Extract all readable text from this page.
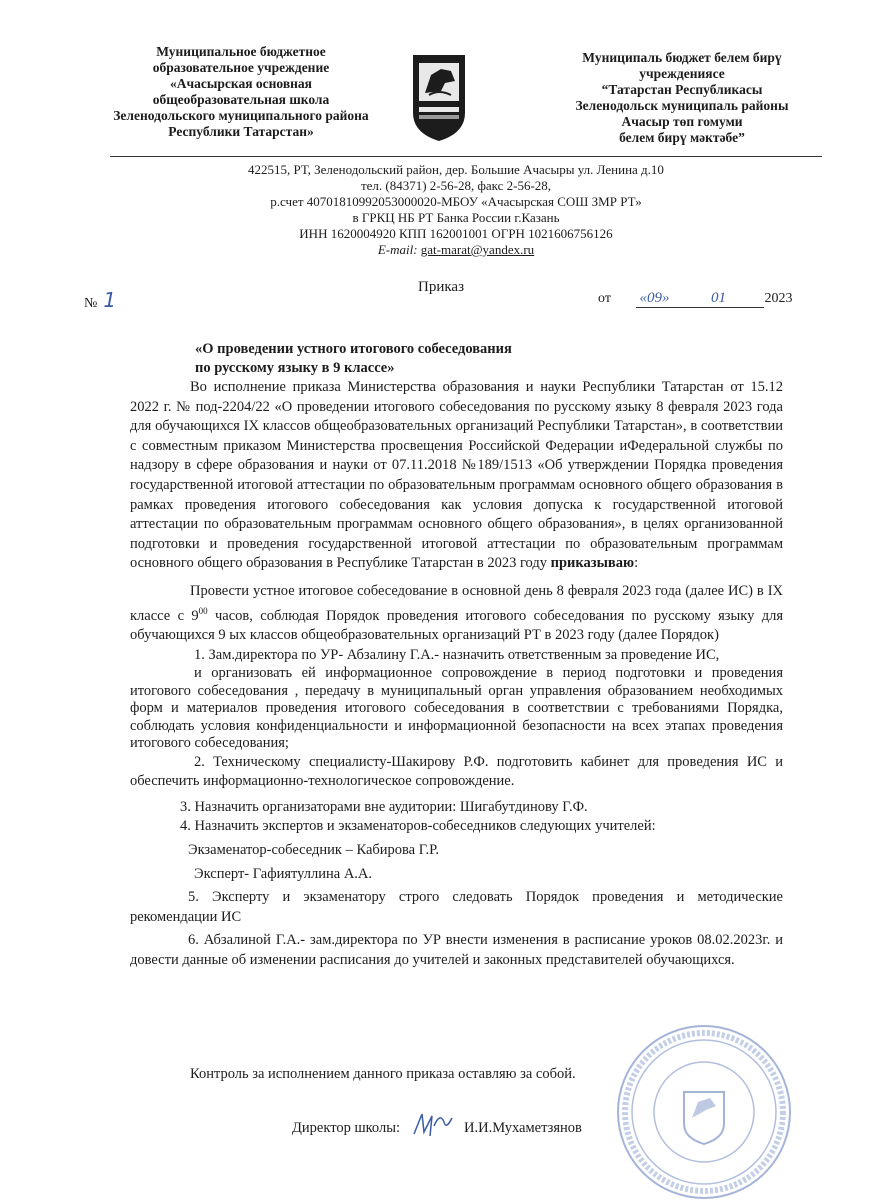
Муниципальное бюджетное
образовательное учреждение
«Ачасырская основная
общеобразовательная школа
Зеленодольского муниципального района
Республики Татарстан»
Муниципаль бюджет белем бирү
учреждениясе
“Татарстан Республикасы
Зеленодольск муниципаль районы
Ачасыр төп гомуми
белем бирү мәктәбе”
422515, РТ, Зеленодольский район, дер. Большие Ачасыры ул. Ленина д.10
тел. (84371) 2-56-28, факс 2-56-28,
р.счет 40701810992053000020-МБОУ «Ачасырская СОШ ЗМР РТ»
в ГРКЦ НБ РТ Банка России г.Казань
ИНН 1620004920 КПП 162001001 ОГРН 1021606756126
E-mail: gat-marat@yandex.ru
Приказ
№ 1	от «09»	01	2023
«О проведении устного итогового собеседования
по русскому языку в 9 классе»

Во исполнение приказа Министерства образования и науки Республики Татарстан от 15.12 2022 г. № под-2204/22 «О проведении итогового собеседования по русскому языку 8 февраля 2023 года для обучающихся IX классов общеобразовательных организаций Республики Татарстан», в соответствии с совместным приказом Министерства просвещения Российской Федерации иФедеральной службы по надзору в сфере образования и науки от 07.11.2018 №189/1513 «Об утверждении Порядка проведения государственной итоговой аттестации по образовательным программам основного общего образования в рамках проведения итогового собеседования как условия допуска к государственной итоговой аттестации по образовательным программам основного общего образования», в целях организованной подготовки и проведения государственной итоговой аттестации по образовательным программам основного общего образования в Республике Татарстан в 2023 году приказываю:

Провести устное итоговое собеседование в основной день 8 февраля 2023 года (далее ИС) в IX классе с $9^{00}$ часов, соблюдая Порядок проведения итогового собеседования по русскому языку для обучающихся 9 ых классов общеобразовательных организаций РТ в 2023 году (далее Порядок)

1. Зам.директора по УР- Абзалину Г.А.- назначить ответственным за проведение ИС,

и организовать ей информационное сопровождение в период подготовки и проведения итогового собеседования , передачу в муниципальный орган управления образованием необходимых форм и материалов проведения итогового собеседования в соответствии с требованиями Порядка, соблюдать условия конфиденциальности и информационной безопасности на всех этапах проведения итогового собеседования;

2. Техническому специалисту-Шакирову Р.Ф. подготовить кабинет для проведения ИС и обеспечить информационно-технологическое сопровождение.

3. Назначить организаторами вне аудитории: Шигабутдинову Г.Ф.

4. Назначить экспертов и экзаменаторов-собеседников следующих учителей:

Экзаменатор-собеседник – Кабирова Г.Р.

Эксперт- Гафиятуллина А.А.

5. Эксперту и экзаменатору строго следовать Порядок проведения и методические рекомендации ИС

6. Абзалиной Г.А.- зам.директора по УР внести изменения в расписание уроков 08.02.2023г. и довести данные об изменении расписания до учителей и законных представителей обучающихся.

Контроль за исполнением данного приказа оставляю за собой.
Директор школы:	И.И.Мухаметзянов
